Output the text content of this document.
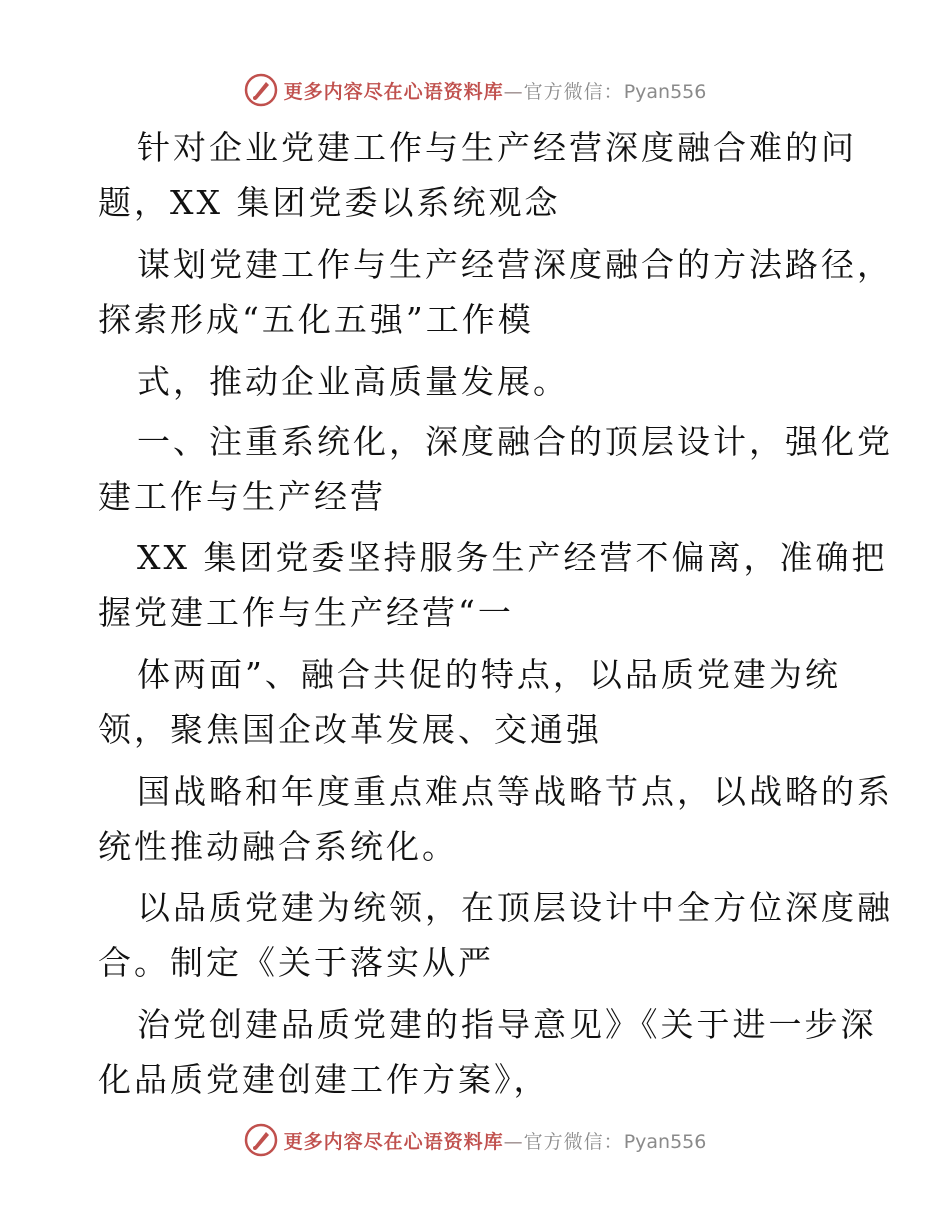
更多内容尽在心语资料库—官方微信：Pyan556
针对企业党建工作与生产经营深度融合难的问
题，XX 集团党委以系统观念
谋划党建工作与生产经营深度融合的方法路径，
探索形成“五化五强”工作模
式，推动企业高质量发展。
一、注重系统化，深度融合的顶层设计，强化党
建工作与生产经营
XX 集团党委坚持服务生产经营不偏离，准确把
握党建工作与生产经营“一
体两面”、融合共促的特点，以品质党建为统
领，聚焦国企改革发展、交通强
国战略和年度重点难点等战略节点，以战略的系
统性推动融合系统化。
以品质党建为统领，在顶层设计中全方位深度融
合。制定《关于落实从严
治党创建品质党建的指导意见》《关于进一步深
化品质党建创建工作方案》，
更多内容尽在心语资料库—官方微信：Pyan556
